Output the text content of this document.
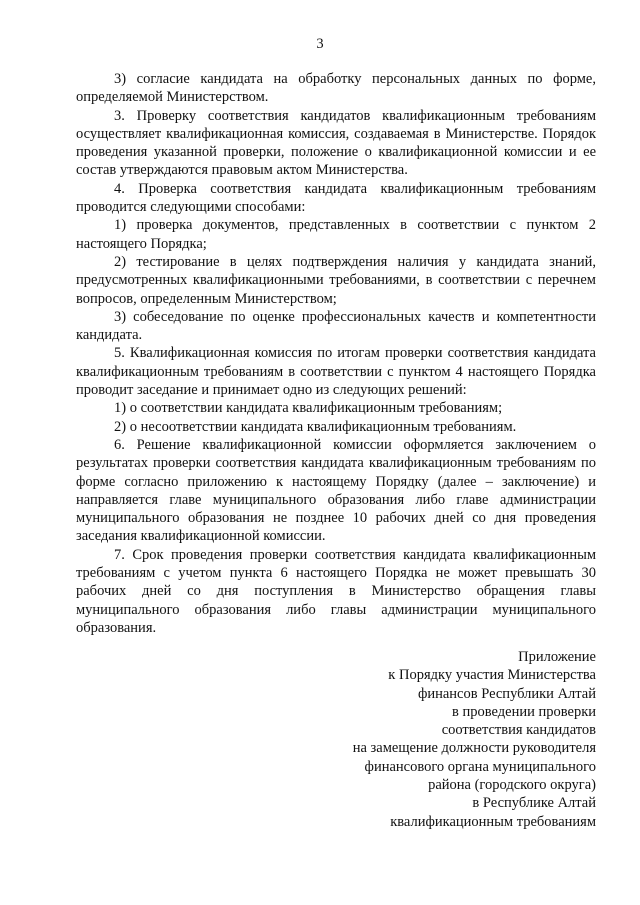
3

3) согласие кандидата на обработку персональных данных по форме, определяемой Министерством.

3. Проверку соответствия кандидатов квалификационным требованиям осуществляет квалификационная комиссия, создаваемая в Министерстве. Порядок проведения указанной проверки, положение о квалификационной комиссии и ее состав утверждаются правовым актом Министерства.

4. Проверка соответствия кандидата квалификационным требованиям проводится следующими способами:

1) проверка документов, представленных в соответствии с пунктом 2 настоящего Порядка;

2) тестирование в целях подтверждения наличия у кандидата знаний, предусмотренных квалификационными требованиями, в соответствии с перечнем вопросов, определенным Министерством;

3) собеседование по оценке профессиональных качеств и компетентности кандидата.

5. Квалификационная комиссия по итогам проверки соответствия кандидата квалификационным требованиям в соответствии с пунктом 4 настоящего Порядка проводит заседание и принимает одно из следующих решений:

1) о соответствии кандидата квалификационным требованиям;

2) о несоответствии кандидата квалификационным требованиям.

6. Решение квалификационной комиссии оформляется заключением о результатах проверки соответствия кандидата квалификационным требованиям по форме согласно приложению к настоящему Порядку (далее – заключение) и направляется главе муниципального образования либо главе администрации муниципального образования не позднее 10 рабочих дней со дня проведения заседания квалификационной комиссии.

7. Срок проведения проверки соответствия кандидата квалификационным требованиям с учетом пункта 6 настоящего Порядка не может превышать 30 рабочих дней со дня поступления в Министерство обращения главы муниципального образования либо главы администрации муниципального образования.

Приложение
к Порядку участия Министерства
финансов Республики Алтай
в проведении проверки
соответствия кандидатов
на замещение должности руководителя
финансового органа муниципального
района (городского округа)
в Республике Алтай
квалификационным требованиям
